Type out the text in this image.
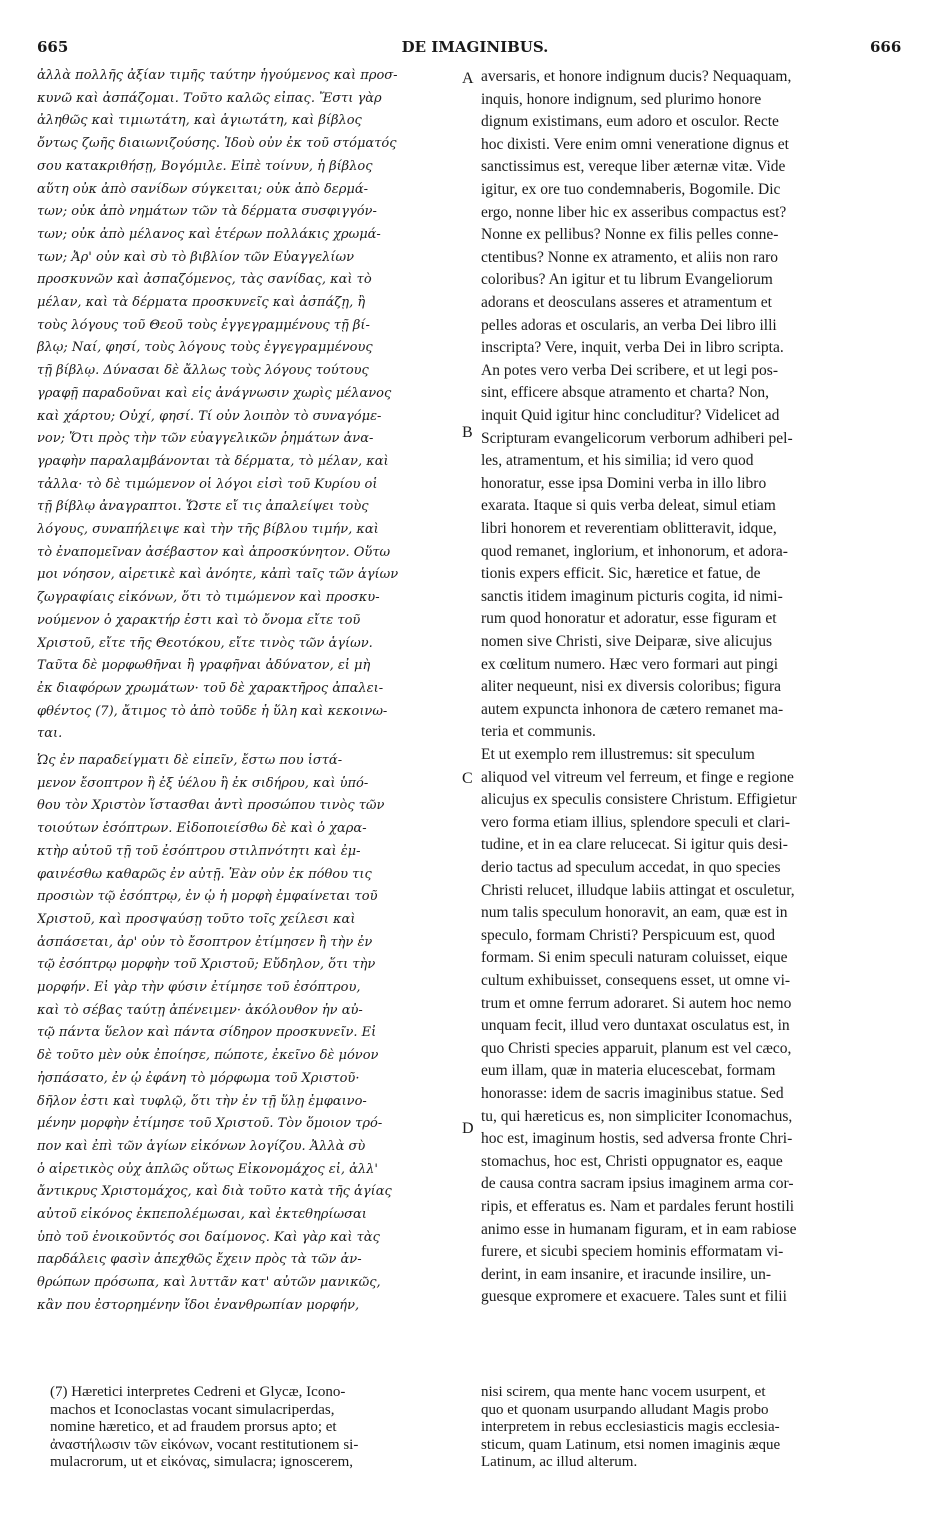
665	DE IMAGINIBUS.	666
A
B
C
D
ἀλλὰ πολλῆς ἀξίαν τιμῆς ταύτην ἡγούμενος καὶ προσ-
κυνῶ καὶ ἀσπάζομαι. Τοῦτο καλῶς εἶπας. Ἔστι γὰρ
ἀληθῶς καὶ τιμιωτάτη, καὶ ἁγιωτάτη, καὶ βίβλος
ὄντως ζωῆς διαιωνιζούσης. Ἰδοὺ οὖν ἐκ τοῦ στόματός
σου κατακριθήσῃ, Βογόμιλε. Εἰπὲ τοίνυν, ἡ βίβλος
αὕτη οὐκ ἀπὸ σανίδων σύγκειται; οὐκ ἀπὸ δερμά-
των; οὐκ ἀπὸ νημάτων τῶν τὰ δέρματα συσφιγγόν-
των; οὐκ ἀπὸ μέλανος καὶ ἑτέρων πολλάκις χρωμά-
των; Ἆρ' οὖν καὶ σὺ τὸ βιβλίον τῶν Εὐαγγελίων
προσκυνῶν καὶ ἀσπαζόμενος, τὰς σανίδας, καὶ τὸ
μέλαν, καὶ τὰ δέρματα προσκυνεῖς καὶ ἀσπάζῃ, ἢ
τοὺς λόγους τοῦ Θεοῦ τοὺς ἐγγεγραμμένους τῇ βί-
βλῳ; Ναί, φησί, τοὺς λόγους τοὺς ἐγγεγραμμένους
τῇ βίβλῳ. Δύνασαι δὲ ἄλλως τοὺς λόγους τούτους
γραφῇ παραδοῦναι καὶ εἰς ἀνάγνωσιν χωρὶς μέλανος
καὶ χάρτου; Οὐχί, φησί. Τί οὖν λοιπὸν τὸ συναγόμε-
νον; Ὅτι πρὸς τὴν τῶν εὐαγγελικῶν ῥημάτων ἀνα-
γραφὴν παραλαμβάνονται τὰ δέρματα, τὸ μέλαν, καὶ
τἆλλα· τὸ δὲ τιμώμενον οἱ λόγοι εἰσὶ τοῦ Κυρίου οἱ
τῇ βίβλῳ ἀναγραπτοι. Ὥστε εἴ τις ἀπαλείψει τοὺς
λόγους, συναπήλειψε καὶ τὴν τῆς βίβλου τιμήν, καὶ
τὸ ἐναπομεῖναν ἀσέβαστον καὶ ἀπροσκύνητον. Οὕτω
μοι νόησον, αἱρετικὲ καὶ ἀνόητε, κἀπὶ ταῖς τῶν ἁγίων
ζωγραφίαις εἰκόνων, ὅτι τὸ τιμώμενον καὶ προσκυ-
νούμενον ὁ χαρακτήρ ἐστι καὶ τὸ ὄνομα εἴτε τοῦ
Χριστοῦ, εἴτε τῆς Θεοτόκου, εἴτε τινὸς τῶν ἁγίων.
Ταῦτα δὲ μορφωθῆναι ἢ γραφῆναι ἀδύνατον, εἰ μὴ
ἐκ διαφόρων χρωμάτων· τοῦ δὲ χαρακτῆρος ἀπαλει-
φθέντος (7), ἄτιμος τὸ ἀπὸ τοῦδε ἡ ὕλη καὶ κεκοινω-
ται.
Ὡς ἐν παραδείγματι δὲ εἰπεῖν, ἔστω που ἱστά-
μενον ἔσοπτρον ἢ ἐξ ὑέλου ἢ ἐκ σιδήρου, καὶ ὑπό-
θου τὸν Χριστὸν ἵστασθαι ἀντὶ προσώπου τινὸς τῶν
τοιούτων ἐσόπτρων. Εἰδοποιείσθω δὲ καὶ ὁ χαρα-
κτὴρ αὐτοῦ τῇ τοῦ ἐσόπτρου στιλπνότητι καὶ ἐμ-
φαινέσθω καθαρῶς ἐν αὐτῇ. Ἐὰν οὖν ἐκ πόθου τις
προσιὼν τῷ ἐσόπτρῳ, ἐν ᾧ ἡ μορφὴ ἐμφαίνεται τοῦ
Χριστοῦ, καὶ προσψαύσῃ τοῦτο τοῖς χείλεσι καὶ
ἀσπάσεται, ἆρ' οὖν τὸ ἔσοπτρον ἐτίμησεν ἢ τὴν ἐν
τῷ ἐσόπτρῳ μορφὴν τοῦ Χριστοῦ; Εὔδηλον, ὅτι τὴν
μορφήν. Εἰ γὰρ τὴν φύσιν ἐτίμησε τοῦ ἐσόπτρου,
καὶ τὸ σέβας ταύτῃ ἀπένειμεν· ἀκόλουθον ἦν αὐ-
τῷ πάντα ὕελον καὶ πάντα σίδηρον προσκυνεῖν. Εἰ
δὲ τοῦτο μὲν οὐκ ἐποίησε, πώποτε, ἐκεῖνο δὲ μόνον
ἠσπάσατο, ἐν ᾧ ἐφάνη τὸ μόρφωμα τοῦ Χριστοῦ·
δῆλον ἐστι καὶ τυφλῷ, ὅτι τὴν ἐν τῇ ὕλῃ ἐμφαινο-
μένην μορφὴν ἐτίμησε τοῦ Χριστοῦ. Τὸν ὅμοιον τρό-
πον καὶ ἐπὶ τῶν ἁγίων εἰκόνων λογίζου. Ἀλλὰ σὺ
ὁ αἱρετικὸς οὐχ ἁπλῶς οὕτως Εἰκονομάχος εἶ, ἀλλ'
ἄντικρυς Χριστομάχος, καὶ διὰ τοῦτο κατὰ τῆς ἁγίας
αὐτοῦ εἰκόνος ἐκπεπολέμωσαι, καὶ ἐκτεθηρίωσαι
ὑπὸ τοῦ ἐνοικοῦντός σοι δαίμονος. Καὶ γὰρ καὶ τὰς
παρδάλεις φασὶν ἀπεχθῶς ἔχειν πρὸς τὰ τῶν ἀν-
θρώπων πρόσωπα, καὶ λυττᾶν κατ' αὐτῶν μανικῶς,
κἂν που ἐστορημένην ἴδοι ἐνανθρωπίαν μορφήν,
aversaris, et honore indignum ducis? Nequaquam,
inquis, honore indignum, sed plurimo honore
dignum existimans, eum adoro et osculor. Recte
hoc dixisti. Vere enim omni veneratione dignus et
sanctissimus est, vereque liber æternæ vitæ. Vide
igitur, ex ore tuo condemnaberis, Bogomile. Dic
ergo, nonne liber hic ex asseribus compactus est?
Nonne ex pellibus? Nonne ex filis pelles conne-
ctentibus? Nonne ex atramento, et aliis non raro
coloribus? An igitur et tu librum Evangeliorum
adorans et deosculans asseres et atramentum et
pelles adoras et oscularis, an verba Dei libro illi
inscripta? Vere, inquit, verba Dei in libro scripta.
An potes vero verba Dei scribere, et ut legi pos-
sint, efficere absque atramento et charta? Non,
inquit Quid igitur hinc concluditur? Videlicet ad
Scripturam evangelicorum verborum adhiberi pel-
les, atramentum, et his similia; id vero quod
honoratur, esse ipsa Domini verba in illo libro
exarata. Itaque si quis verba deleat, simul etiam
libri honorem et reverentiam oblitteravit, idque,
quod remanet, inglorium, et inhonorum, et adora-
tionis expers efficit. Sic, hæretice et fatue, de
sanctis itidem imaginum picturis cogita, id nimi-
rum quod honoratur et adoratur, esse figuram et
nomen sive Christi, sive Deiparæ, sive alicujus
ex cœlitum numero. Hæc vero formari aut pingi
aliter nequeunt, nisi ex diversis coloribus; figura
autem expuncta inhonora de cætero remanet ma-
teria et communis.
Et ut exemplo rem illustremus: sit speculum
aliquod vel vitreum vel ferreum, et finge e regione
alicujus ex speculis consistere Christum. Effigietur
vero forma etiam illius, splendore speculi et clari-
tudine, et in ea clare relucecat. Si igitur quis desi-
derio tactus ad speculum accedat, in quo species
Christi relucet, illudque labiis attingat et osculetur,
num talis speculum honoravit, an eam, quæ est in
speculo, formam Christi? Perspicuum est, quod
formam. Si enim speculi naturam coluisset, eique
cultum exhibuisset, consequens esset, ut omne vi-
trum et omne ferrum adoraret. Si autem hoc nemo
unquam fecit, illud vero duntaxat osculatus est, in
quo Christi species apparuit, planum est vel cæco,
eum illam, quæ in materia elucescebat, formam
honorasse: idem de sacris imaginibus statue. Sed
tu, qui hæreticus es, non simpliciter Iconomachus,
hoc est, imaginum hostis, sed adversa fronte Chri-
stomachus, hoc est, Christi oppugnator es, eaque
de causa contra sacram ipsius imaginem arma cor-
ripis, et efferatus es. Nam et pardales ferunt hostili
animo esse in humanam figuram, et in eam rabiose
furere, et sicubi speciem hominis efformatam vi-
derint, in eam insanire, et iracunde insilire, un-
guesque expromere et exacuere. Tales sunt et filii
(7) Hæretici interpretes Cedreni et Glycæ, Icono-
machos et Iconoclastas vocant simulacriperdas,
nomine hæretico, et ad fraudem prorsus apto; et
ἀναστήλωσιν τῶν εἰκόνων, vocant restitutionem si-
mulacrorum, ut et εἰκόνας, simulacra; ignoscerem,
nisi scirem, qua mente hanc vocem usurpent, et
quo et quonam usurpando alludant Magis probo
interpretem in rebus ecclesiasticis magis ecclesia-
sticum, quam Latinum, etsi nomen imaginis æque
Latinum, ac illud alterum.
